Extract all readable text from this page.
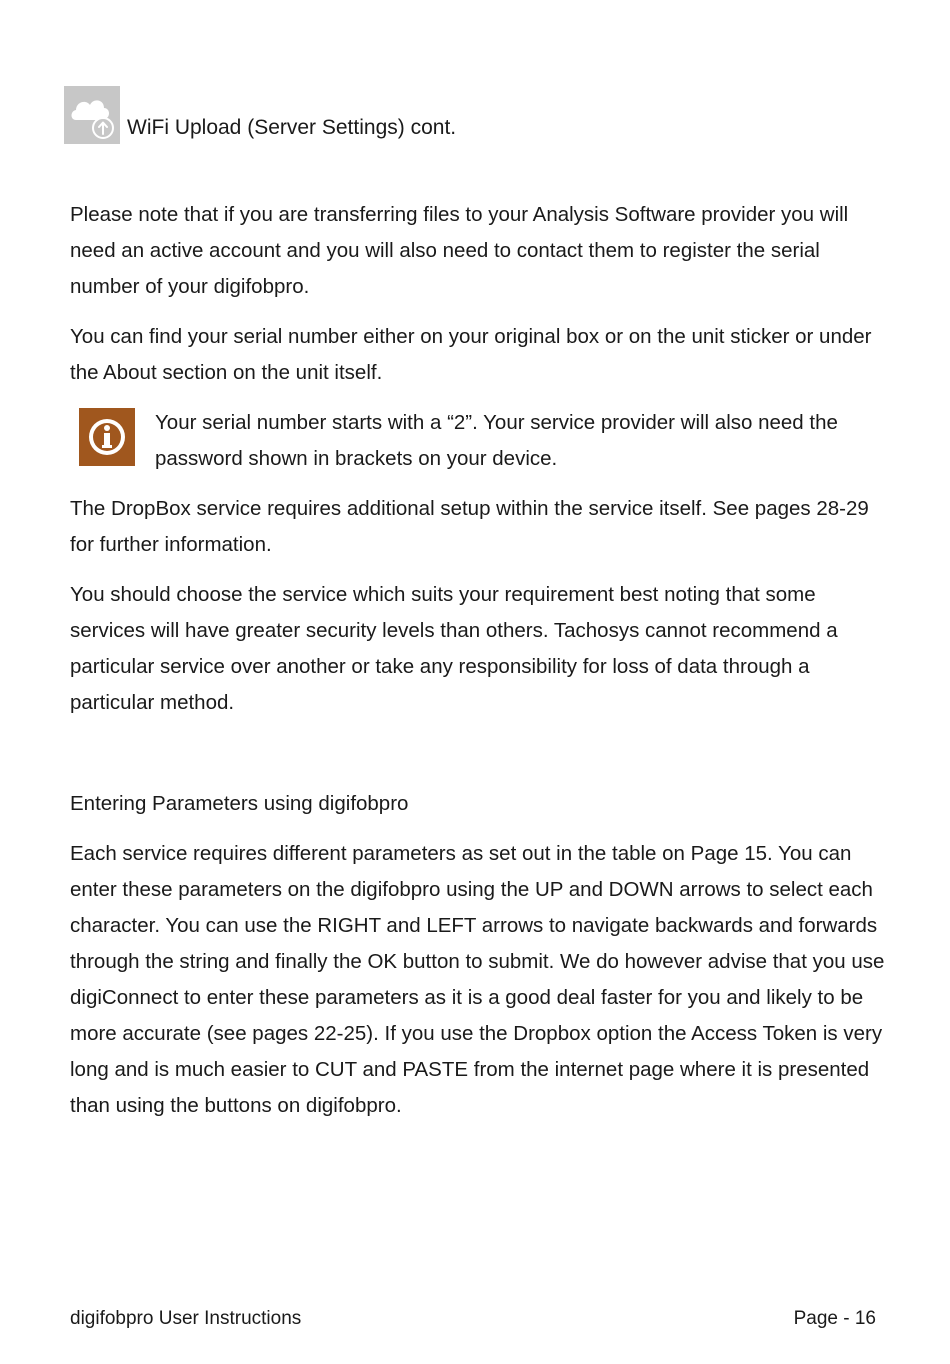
WiFi Upload (Server Settings) cont.

Please note that if you are transferring files to your Analysis Software provider you will need an active account and you will also need to contact them to register the serial number of your digifobpro.

You can find your serial number either on your original box or on the unit sticker or under the About section on the unit itself.

Your serial number starts with a “2”. Your service provider will also need the password shown in brackets on your device.

The DropBox service requires additional setup within the service itself. See pages 28-29 for further information.

You should choose the service which suits your requirement best noting that some services will have greater security levels than others. Tachosys cannot recommend a particular service over another or take any responsibility for loss of data through a particular method.

Entering Parameters using digifobpro

Each service requires different parameters as set out in the table on Page 15. You can enter these parameters on the digifobpro using the UP and DOWN arrows to select each character. You can use the RIGHT and LEFT arrows to navigate backwards and forwards through the string and finally the OK button to submit. We do however advise that you use digiConnect to enter these parameters as it is a good deal faster for you and likely to be more accurate (see pages 22-25). If you use the Dropbox option the Access Token is very long and is much easier to CUT and PASTE from the internet page where it is presented than using the buttons on digifobpro.

digifobpro User Instructions	Page - 16
